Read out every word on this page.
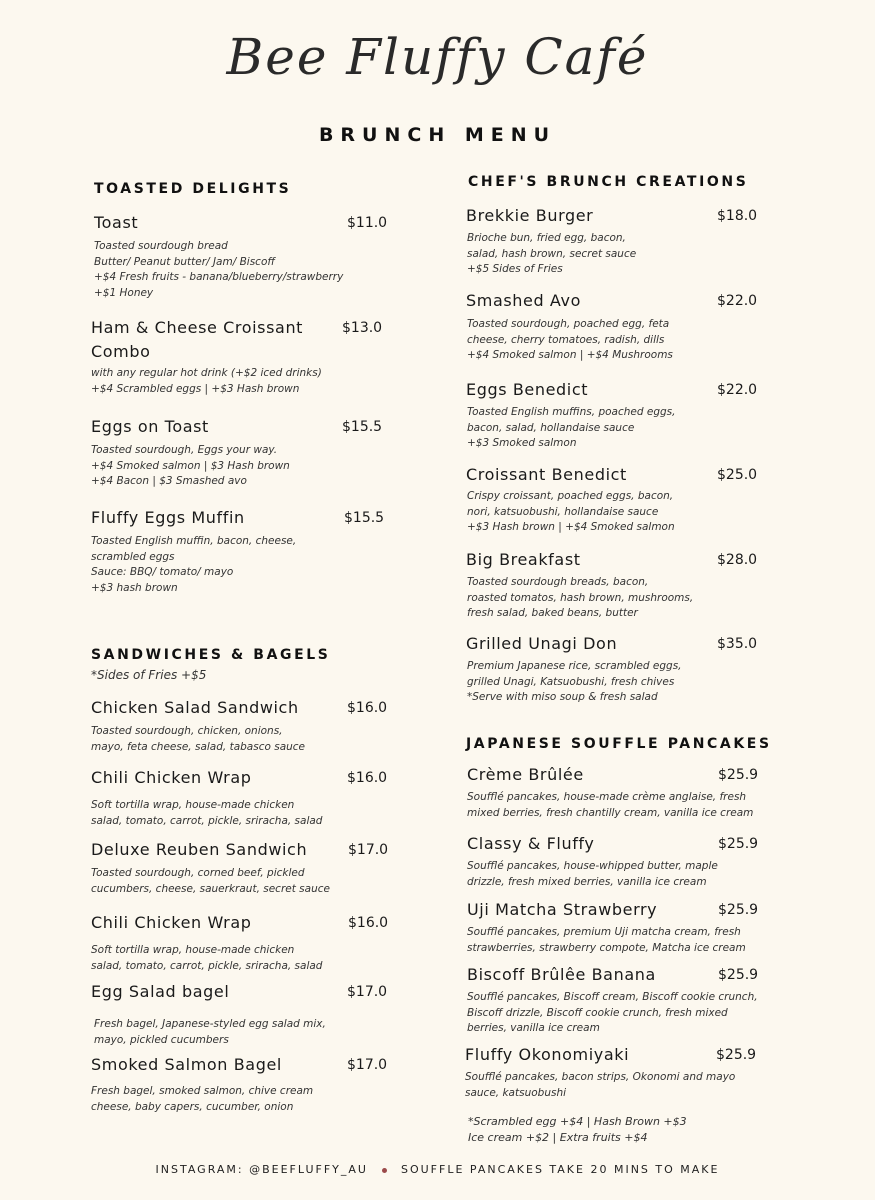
Bee Fluffy Café
BRUNCH MENU
TOASTED DELIGHTS
Toast	$11.0
Toasted sourdough bread
Butter/ Peanut butter/ Jam/ Biscoff
+$4 Fresh fruits - banana/blueberry/strawberry
+$1 Honey
Ham & Cheese Croissant
Combo
$13.0
with any regular hot drink (+$2 iced drinks)
+$4 Scrambled eggs | +$3 Hash brown
Eggs on Toast	$15.5
Toasted sourdough, Eggs your way.
+$4 Smoked salmon | $3 Hash brown
+$4 Bacon | $3 Smashed avo
Fluffy Eggs Muffin	$15.5
Toasted English muffin, bacon, cheese,
scrambled eggs
Sauce: BBQ/ tomato/ mayo
+$3 hash brown
SANDWICHES & BAGELS
*Sides of Fries +$5
Chicken Salad Sandwich	$16.0
Toasted sourdough, chicken, onions,
mayo, feta cheese, salad, tabasco sauce
Chili Chicken Wrap	$16.0
Soft tortilla wrap, house-made chicken
salad, tomato, carrot, pickle, sriracha, salad
Deluxe Reuben Sandwich	$17.0
Toasted sourdough, corned beef, pickled
cucumbers, cheese, sauerkraut, secret sauce
Chili Chicken Wrap	$16.0
Soft tortilla wrap, house-made chicken
salad, tomato, carrot, pickle, sriracha, salad
Egg Salad bagel	$17.0
Fresh bagel, Japanese-styled egg salad mix,
mayo, pickled cucumbers
Smoked Salmon Bagel	$17.0
Fresh bagel, smoked salmon, chive cream
cheese, baby capers, cucumber, onion
CHEF'S BRUNCH CREATIONS
Brekkie Burger	$18.0
Brioche bun, fried egg, bacon,
salad, hash brown, secret sauce
+$5 Sides of Fries
Smashed Avo	$22.0
Toasted sourdough, poached egg, feta
cheese, cherry tomatoes, radish, dills
+$4 Smoked salmon | +$4 Mushrooms
Eggs Benedict	$22.0
Toasted English muffins, poached eggs,
bacon, salad, hollandaise sauce
+$3 Smoked salmon
Croissant Benedict	$25.0
Crispy croissant, poached eggs, bacon,
nori, katsuobushi, hollandaise sauce
+$3 Hash brown | +$4 Smoked salmon
Big Breakfast	$28.0
Toasted sourdough breads, bacon,
roasted tomatos, hash brown, mushrooms,
fresh salad, baked beans, butter
Grilled Unagi Don	$35.0
Premium Japanese rice, scrambled eggs,
grilled Unagi, Katsuobushi, fresh chives
*Serve with miso soup & fresh salad
JAPANESE SOUFFLE PANCAKES
Crème Brûlée	$25.9
Soufflé pancakes, house-made crème anglaise, fresh
mixed berries, fresh chantilly cream, vanilla ice cream
Classy & Fluffy	$25.9
Soufflé pancakes, house-whipped butter, maple
drizzle, fresh mixed berries, vanilla ice cream
Uji Matcha Strawberry	$25.9
Soufflé pancakes, premium Uji matcha cream, fresh
strawberries, strawberry compote, Matcha ice cream
Biscoff Brûlêe Banana	$25.9
Soufflé pancakes, Biscoff cream, Biscoff cookie crunch,
Biscoff drizzle, Biscoff cookie crunch, fresh mixed
berries, vanilla ice cream
Fluffy Okonomiyaki	$25.9
Soufflé pancakes, bacon strips, Okonomi and mayo
sauce, katsuobushi
*Scrambled egg +$4 | Hash Brown +$3
Ice cream +$2 | Extra fruits +$4
INSTAGRAM: @BEEFLUFFY_AU	SOUFFLE PANCAKES TAKE 20 MINS TO MAKE
